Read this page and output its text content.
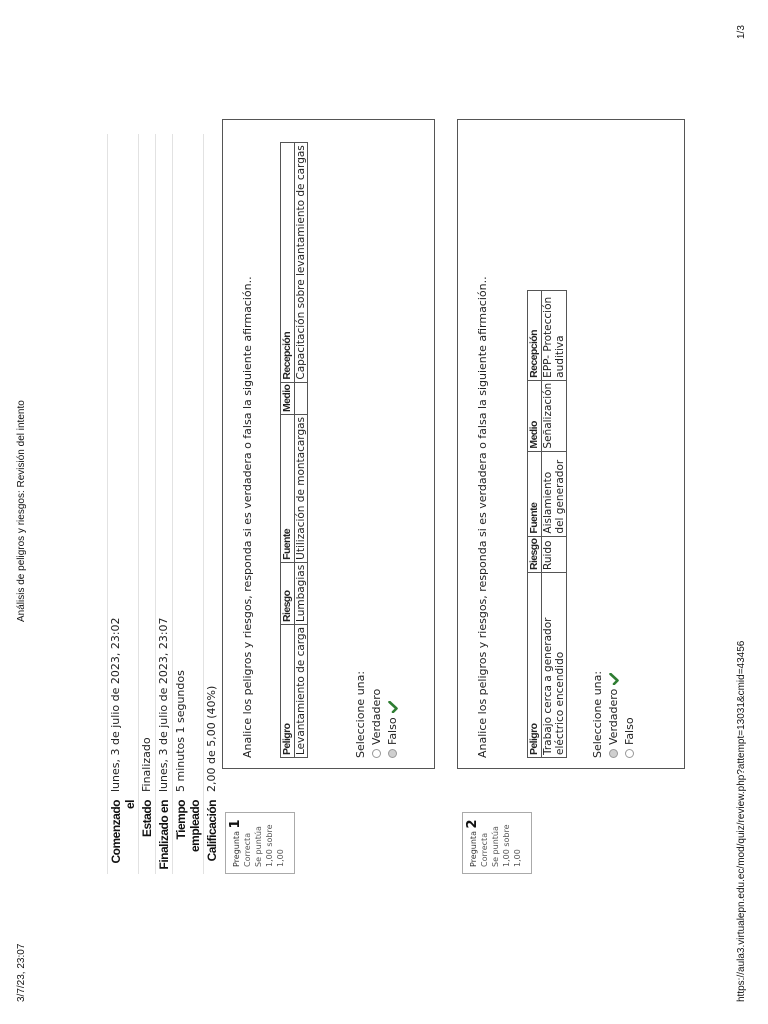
3/7/23, 23:07
Análisis de peligros y riesgos: Revisión del intento
https://aula3.virtualepn.edu.ec/mod/quiz/review.php?attempt=13031&cmid=43456
1/3
Comenzado el	lunes, 3 de julio de 2023, 23:02
Estado	Finalizado
Finalizado en	lunes, 3 de julio de 2023, 23:07
Tiempo empleado	5 minutos 1 segundos
Calificación	2,00 de 5,00 (40%)
Pregunta 1
Correcta Se puntúa 1,00 sobre 1,00
Analice los peligros y riesgos, responda si es verdadera o falsa la siguiente afirmación..	Peligro	Riesgo	Fuente	Medio	Recepción
Levantamiento de carga	Lumbagias	Utilización de montacargas		Capacitación sobre levantamiento de cargas
Seleccione una: Verdadero Falso
Pregunta 2
Correcta Se puntúa 1,00 sobre 1,00
Analice los peligros y riesgos, responda si es verdadera o falsa la siguiente afirmación..	Peligro	Riesgo	Fuente	Medio	Recepción
Trabajo cerca a generador eléctrico encendido	Ruido	Aislamiento del generador	Señalización	EPP- Protección auditiva
Seleccione una: Verdadero Falso
